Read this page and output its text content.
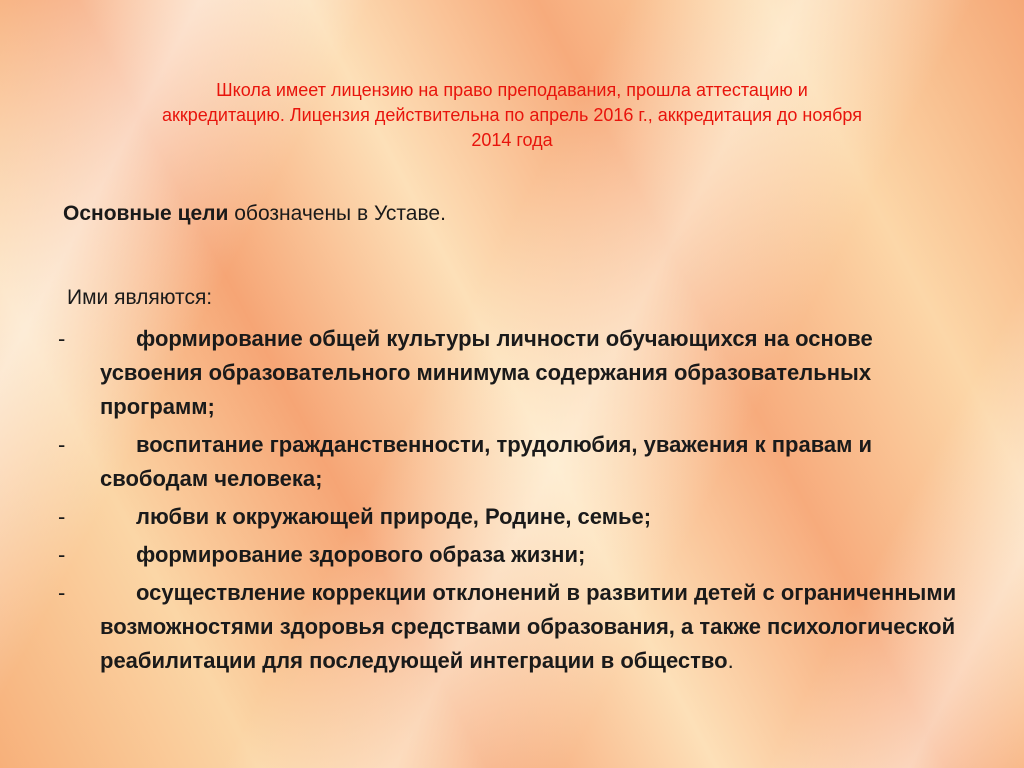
Школа имеет лицензию на право преподавания, прошла аттестацию и
аккредитацию. Лицензия действительна по апрель 2016 г., аккредитация до ноября
2014 года
Основные цели обозначены в Уставе.
Ими являются:
-	формирование общей культуры личности обучающихся на основе усвоения образовательного минимума содержания образовательных программ;
-	воспитание гражданственности, трудолюбия, уважения к правам и свободам человека;
-	любви к окружающей природе, Родине, семье;
-	формирование здорового образа жизни;
-	осуществление коррекции отклонений в развитии детей с ограниченными возможностями здоровья средствами образования, а также психологической реабилитации для последующей интеграции в общество.
